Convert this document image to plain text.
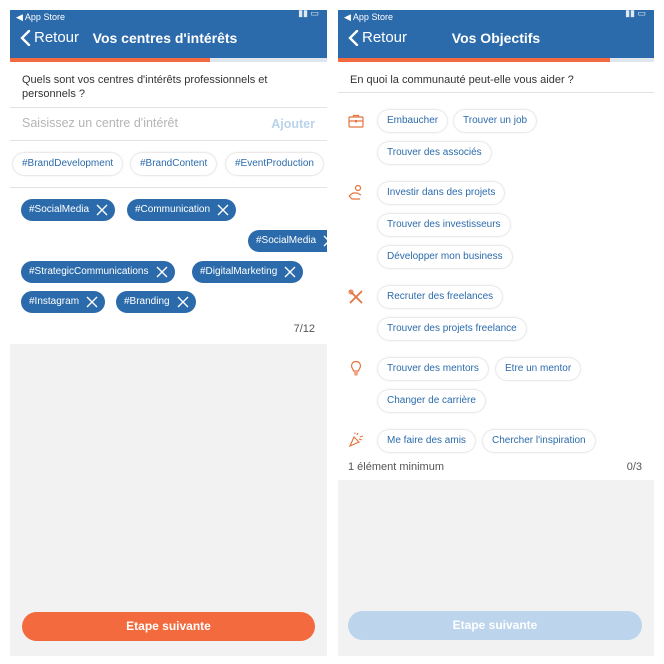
◀ App Store	▮▮ ▭
Retour Vos centres d'intérêts
Quels sont vos centres d'intérêts professionnels et personnels ?
Saisissez un centre d'intérêt
Ajouter
#BrandDevelopment	#BrandContent	#EventProduction
#SocialMedia	#Communication
#SocialMedia
#StrategicCommunications	#DigitalMarketing
#Instagram	#Branding
7/12
Etape suivante
◀ App Store	▮▮ ▭
Retour	Vos Objectifs
En quoi la communauté peut-elle vous aider ?
Embaucher	Trouver un job
Trouver des associés
Investir dans des projets
Trouver des investisseurs
Développer mon business
Recruter des freelances
Trouver des projets freelance
Trouver des mentors	Etre un mentor
Changer de carrière
Me faire des amis	Chercher l'inspiration
1 élément minimum	0/3
Etape suivante
